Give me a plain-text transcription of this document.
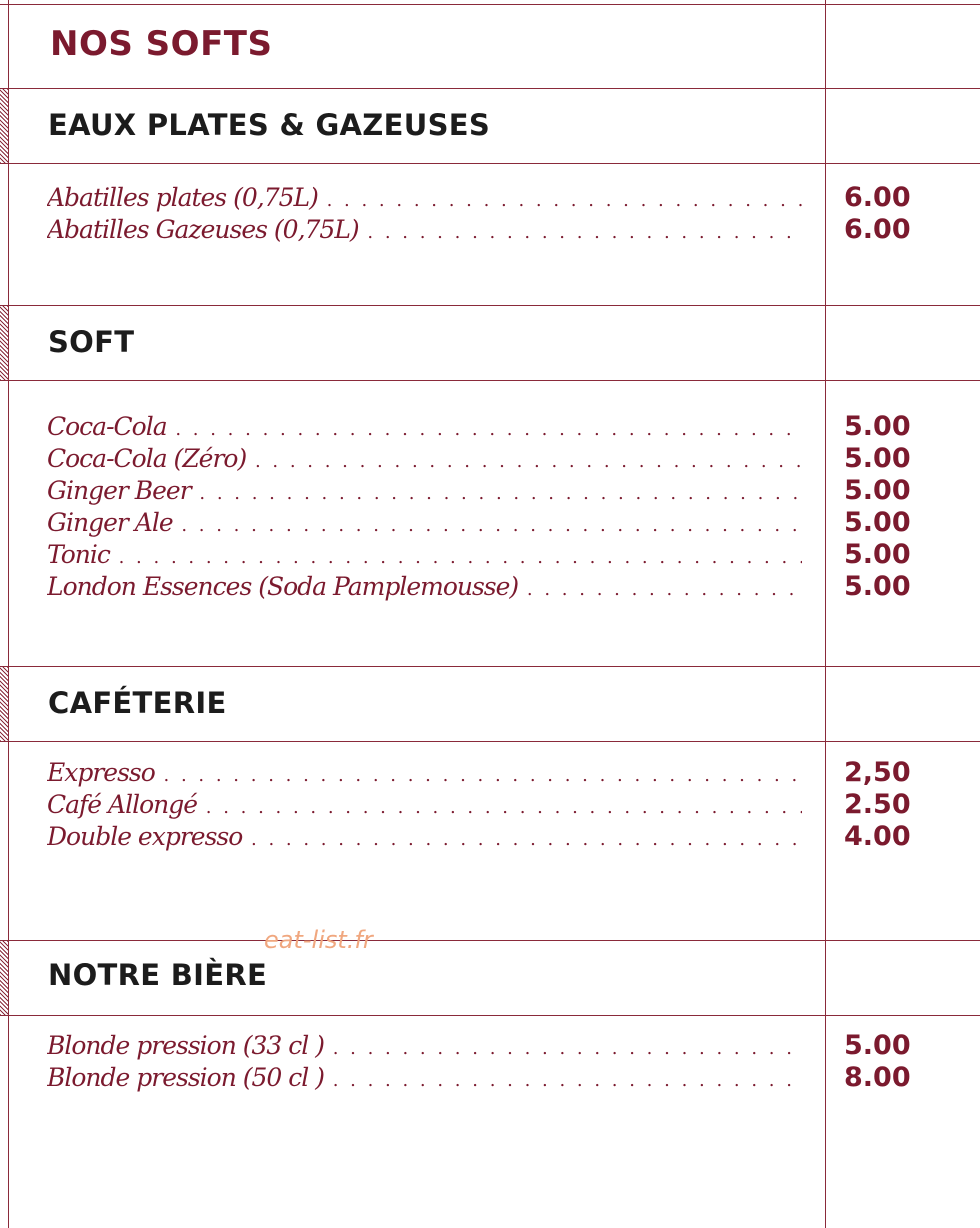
NOS SOFTS
EAUX PLATES & GAZEUSES
Abatilles plates (0,75L) . . .	6.00
Abatilles Gazeuses (0,75L) . . .	6.00
SOFT
Coca-Cola . . .	5.00
Coca-Cola (Zéro) . . .	5.00
Ginger Beer . . .	5.00
Ginger Ale . . .	5.00
Tonic . . .	5.00
London Essences (Soda Pamplemousse) . . .	5.00
CAFÉTERIE
Expresso . . .	2,50
Café Allongé . . .	2.50
Double expresso . . .	4.00
eat-list.fr
NOTRE BIÈRE
Blonde pression (33 cl ) . . .	5.00
Blonde pression (50 cl ) . . .	8.00
